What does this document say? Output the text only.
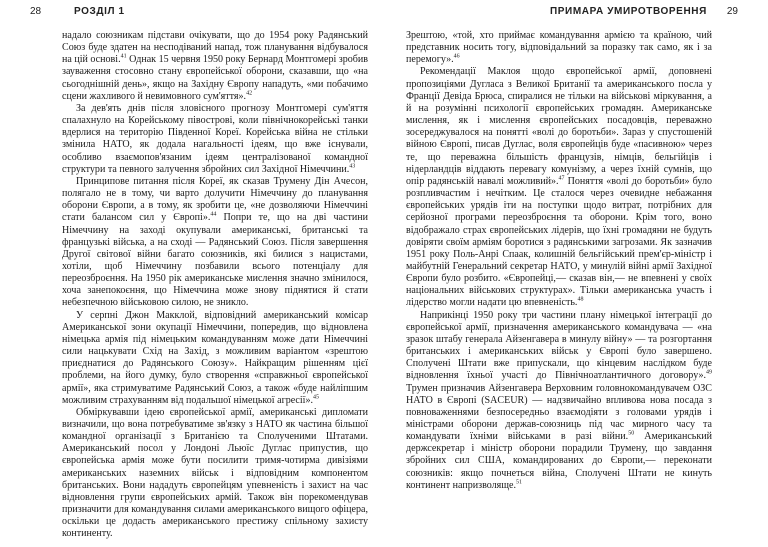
28	РОЗДІЛ 1

надало союзникам підстави очікувати, що до 1954 року Радянський Союз буде здатен на несподіваний напад, тож планування відбувалося на цій основі.$^{41}$ Однак 15 червня 1950 року Бернард Монтгомері зробив зауваження стосовно стану європейської оборони, сказавши, що «на сьогоднішній день», якщо на Західну Європу нападуть, «ми побачимо сцени жахливого й невимовного сум'яття».$^{42}$

За дев'ять днів після зловісного прогнозу Монтгомері сум'яття спалахнуло на Корейському півострові, коли північнокорейські танки вдерлися на територію Південної Кореї. Корейська війна не стільки змінила НАТО, як додала нагальності ідеям, що вже існували, особливо взаємопов'язаним ідеям централізованої командної структури та певного залучення збройних сил Західної Німеччини.$^{43}$

Принципове питання після Кореї, як сказав Трумену Дін Ачесон, полягало не в тому, чи варто долучити Німеччину до планування оборони Європи, а в тому, як зробити це, «не дозволяючи Німеччині стати балансом сил у Європі».$^{44}$ Попри те, що на дві частини Німеччину на заході окупували американські, британські та французькі війська, а на сході — Радянський Союз. Після завершення Другої світової війни багато союзників, які билися з нацистами, хотіли, щоб Німеччину позбавили всього потенціалу для переозброєння. На 1950 рік американське мислення значно змінилося, хоча занепокоєння, що Німеччина може знову піднятися й стати небезпечною військовою силою, не зникло.

У серпні Джон Макклой, відповідний американський комісар Американської зони окупації Німеччини, попередив, що відновлена німецька армія під німецьким командуванням може дати Німеччині сили нацькувати Схід на Захід, з можливим варіантом «зрештою приєднатися до Радянського Союзу». Найкращим рішенням цієї проблеми, на його думку, було створення «справжньої європейської армії», яка стримуватиме Радянський Союз, а також «буде найліпшим можливим страхуванням від подальшої німецької агресії».$^{45}$

Обміркувавши ідею європейської армії, американські дипломати визначили, що вона потребуватиме зв'язку з НАТО як частина більшої командної організації з Британією та Сполученими Штатами. Американський посол у Лондоні Льюїс Дуглас припустив, що європейська армія може бути посилити тримя-чотирма дивізіями американських наземних військ і відповідним компонентом британських. Вони нададуть європейцям упевненість і захист на час відновлення групи європейських армій. Також він порекомендував призначити для командування силами американського вищого офіцера, оскільки це додасть американського престижу спільному захисту континенту.

ПРИМАРА УМИРОТВОРЕННЯ 29

Зрештою, «той, хто приймає командування армією та країною, чий представник носить тогу, відповідальний за поразку так само, як і за перемогу».$^{46}$

Рекомендації Маклоя щодо європейської армії, доповнені пропозиціями Дугласа з Великої Британії та американського посла у Франції Девіда Брюса, спиралися не тільки на військові міркування, а й на розумінні психології європейських громадян. Американське мислення, як і мислення європейських посадовців, переважно зосереджувалося на понятті «волі до боротьби». Зараз у спустошеній війною Європі, писав Дуглас, воля європейців буде «пасивною» через те, що переважна більшість французів, німців, бельгійців і нідерландців віддають перевагу комунізму, а через їхній сумнів, що опір радянській навалі можливий».$^{47}$ Поняття «волі до боротьби» було розпливчастим і нечітким. Це сталося через очевидне небажання європейських урядів іти на поступки щодо витрат, потрібних для серйозної програми переозброєння та оборони. Крім того, воно відображало страх європейських лідерів, що їхні громадяни не будуть довіряти своїм арміям боротися з радянськими загрозами. Як зазначив 1951 року Поль-Анрі Спаак, колишній бельгійський прем'єр-міністр і майбутній Генеральний секретар НАТО, у минулій війні армії Західної Європи було розбито. «Європейці,— сказав він,— не впевнені у своїх національних військових структурах». Тільки американська участь і лідерство могли надати цю впевненість.$^{48}$

Наприкінці 1950 року три частини плану німецької інтеграції до європейської армії, призначення американського командувача — «на зразок штабу генерала Айзенгавера в минулу війну» — та розгортання британських і американських військ у Європі було завершено. Сполучені Штати вже припускали, що кінцевим наслідком буде відновлення їхньої участі до Північноатлантичного договору».$^{49}$ Трумен призначив Айзенгавера Верховним головнокомандувачем ОЗС НАТО в Європі (SACEUR) — надзвичайно впливова нова посада з повноваженнями безпосередньо взаємодіяти з головами урядів і міністрами оборони держав-союзниць під час мирного часу та командувати їхніми військами в разі війни.$^{50}$ Американський держсекретар і міністр оборони порадили Трумену, що завдання збройних сил США, командированих до Європи,— переконати союзників: якщо почнеться війна, Сполучені Штати не кинуть континент напризволяще.$^{51}$
